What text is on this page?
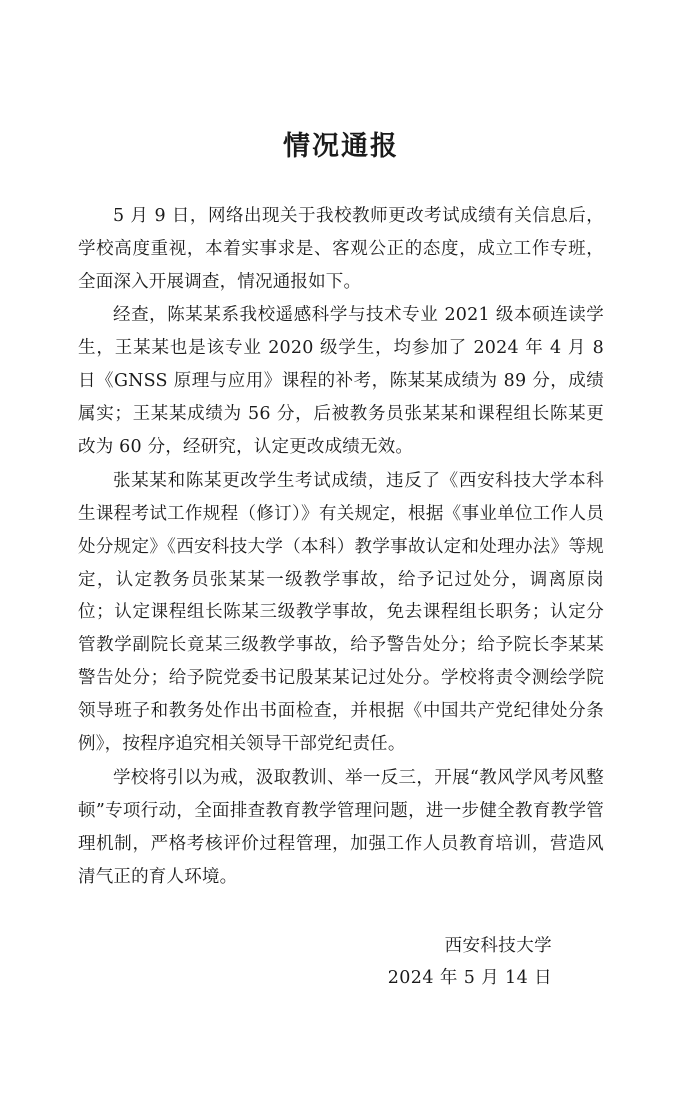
情况通报

5 月 9 日，网络出现关于我校教师更改考试成绩有关信息后，学校高度重视，本着实事求是、客观公正的态度，成立工作专班，全面深入开展调查，情况通报如下。

经查，陈某某系我校遥感科学与技术专业 2021 级本硕连读学生，王某某也是该专业 2020 级学生，均参加了 2024 年 4 月 8 日《GNSS 原理与应用》课程的补考，陈某某成绩为 89 分，成绩属实；王某某成绩为 56 分，后被教务员张某某和课程组长陈某更改为 60 分，经研究，认定更改成绩无效。

张某某和陈某更改学生考试成绩，违反了《西安科技大学本科生课程考试工作规程（修订）》有关规定，根据《事业单位工作人员处分规定》《西安科技大学（本科）教学事故认定和处理办法》等规定，认定教务员张某某一级教学事故，给予记过处分，调离原岗位；认定课程组长陈某三级教学事故，免去课程组长职务；认定分管教学副院长竟某三级教学事故，给予警告处分；给予院长李某某警告处分；给予院党委书记殷某某记过处分。学校将责令测绘学院领导班子和教务处作出书面检查，并根据《中国共产党纪律处分条例》，按程序追究相关领导干部党纪责任。

学校将引以为戒，汲取教训、举一反三，开展“教风学风考风整顿”专项行动，全面排查教育教学管理问题，进一步健全教育教学管理机制，严格考核评价过程管理，加强工作人员教育培训，营造风清气正的育人环境。

西安科技大学
2024 年 5 月 14 日
